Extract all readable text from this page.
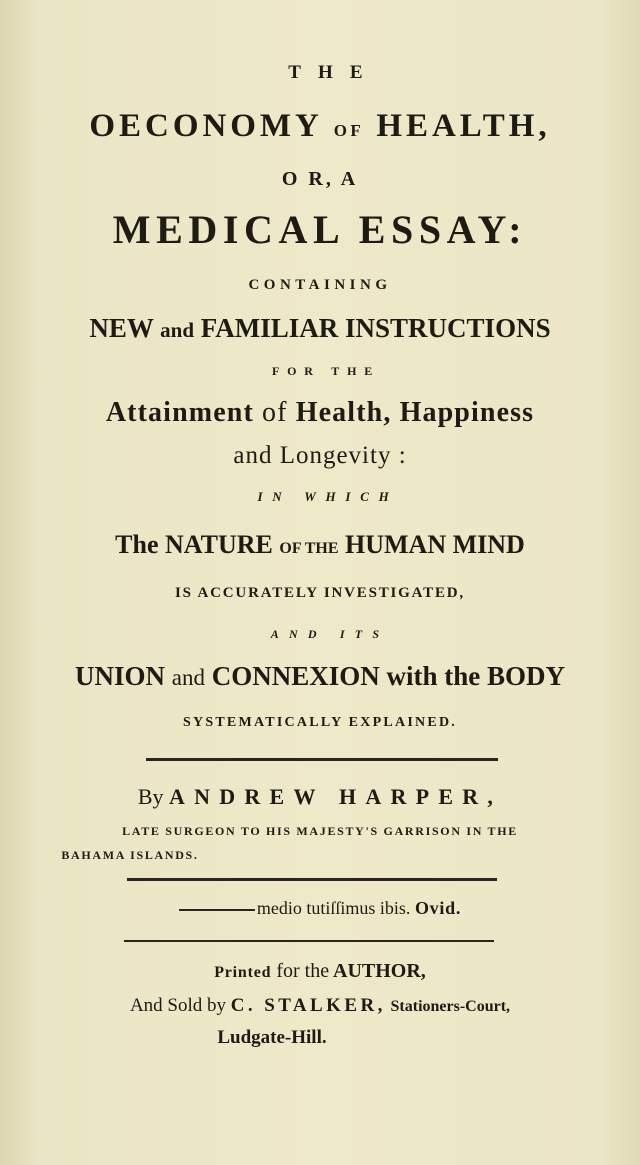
THE
OECONOMY OF HEALTH,
O R, A
MEDICAL ESSAY:
CONTAINING
NEW and FAMILIAR INSTRUCTIONS
FOR THE
Attainment of Health, Happiness
and Longevity :
IN WHICH
The NATURE OF THE HUMAN MIND
IS ACCURATELY INVESTIGATED,
AND ITS
UNION and CONNEXION with the BODY
SYSTEMATICALLY EXPLAINED.
By ANDREW HARPER,
LATE SURGEON TO HIS MAJESTY'S GARRISON IN THE
BAHAMA ISLANDS.
medio tutiſſimus ibis. Ovid.
Printed for the AUTHOR,
And Sold by C. STALKER, Stationers-Court,
Ludgate-Hill.
